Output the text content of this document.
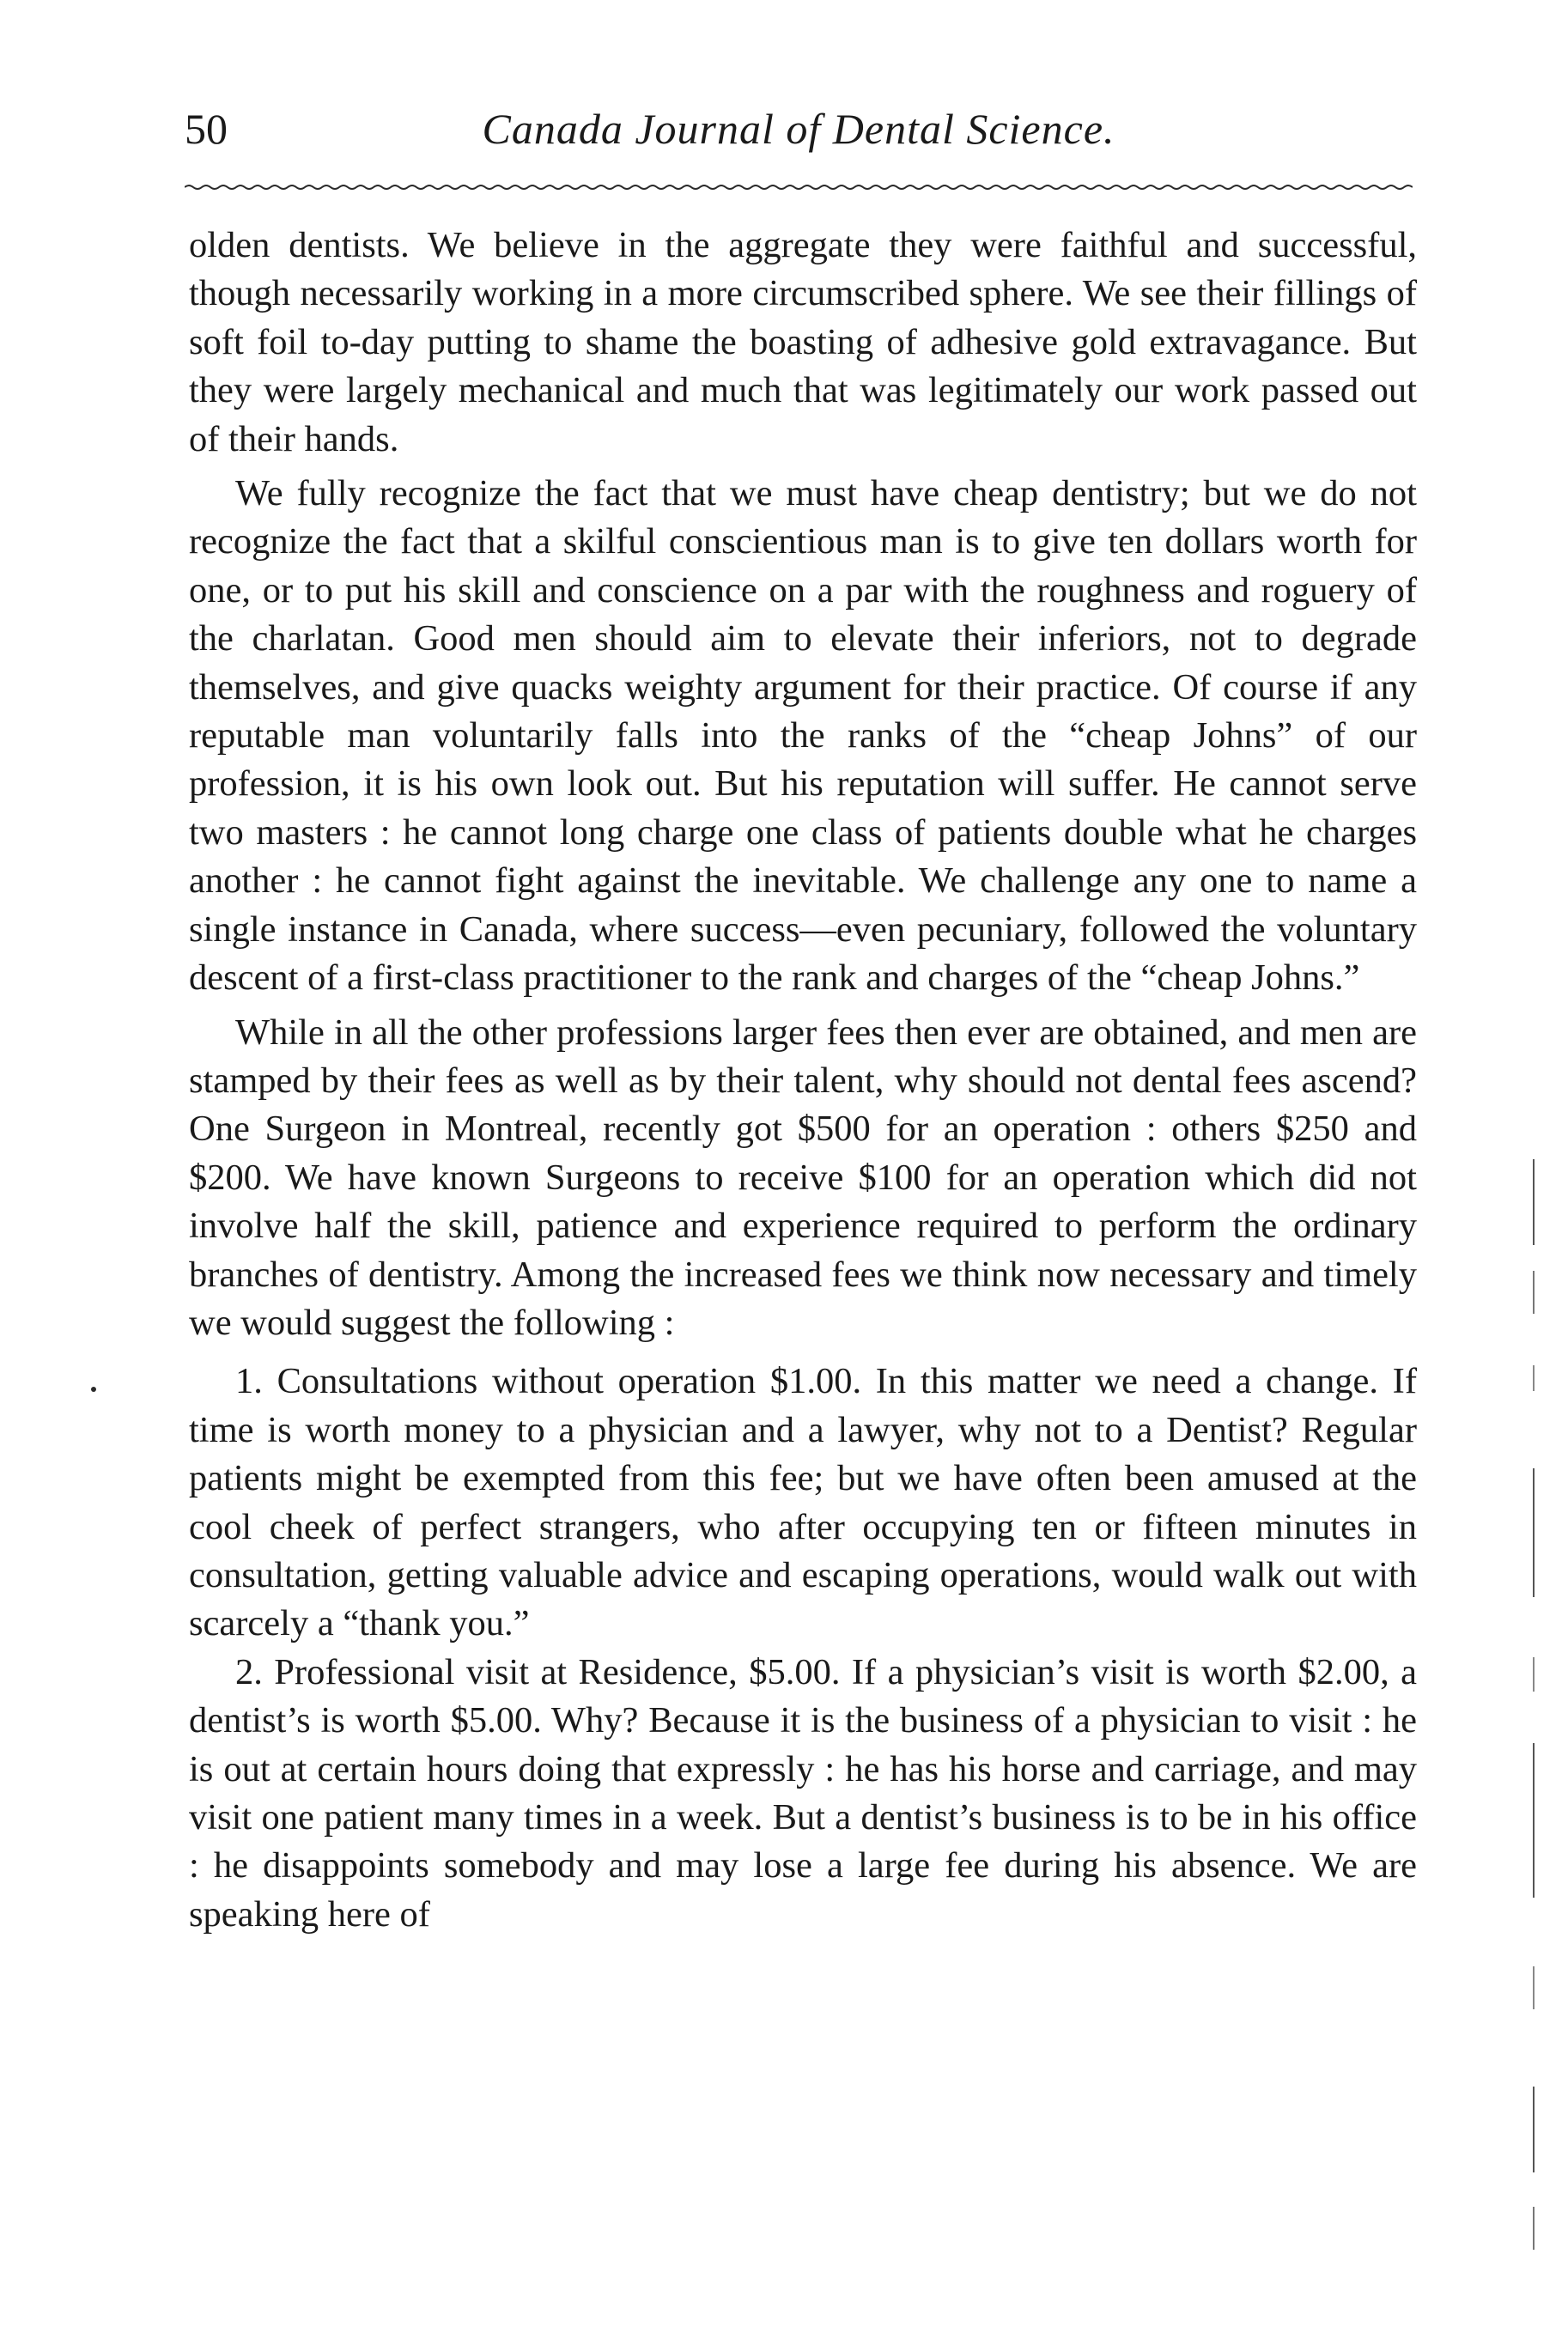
50	Canada Journal of Dental Science.

olden dentists. We believe in the aggregate they were faithful and successful, though necessarily working in a more circumscribed sphere. We see their fillings of soft foil to-day putting to shame the boasting of adhesive gold extravagance. But they were largely mechanical and much that was legitimately our work passed out of their hands.

We fully recognize the fact that we must have cheap dentistry; but we do not recognize the fact that a skilful conscientious man is to give ten dollars worth for one, or to put his skill and conscience on a par with the roughness and roguery of the charlatan. Good men should aim to elevate their inferiors, not to degrade themselves, and give quacks weighty argument for their practice. Of course if any reputable man voluntarily falls into the ranks of the “cheap Johns” of our profession, it is his own look out. But his reputation will suffer. He cannot serve two masters : he cannot long charge one class of patients double what he charges another : he cannot fight against the inevitable. We challenge any one to name a single instance in Canada, where success—even pecuniary, followed the voluntary descent of a first-class practitioner to the rank and charges of the “cheap Johns.”

While in all the other professions larger fees then ever are obtained, and men are stamped by their fees as well as by their talent, why should not dental fees ascend? One Surgeon in Montreal, recently got $500 for an operation : others $250 and $200. We have known Surgeons to receive $100 for an operation which did not involve half the skill, patience and experience required to perform the ordinary branches of dentistry. Among the increased fees we think now necessary and timely we would suggest the following :

1. Consultations without operation $1.00. In this matter we need a change. If time is worth money to a physician and a lawyer, why not to a Dentist? Regular patients might be exempted from this fee; but we have often been amused at the cool cheek of perfect strangers, who after occupying ten or fifteen minutes in consultation, getting valuable advice and escaping operations, would walk out with scarcely a “thank you.”

2. Professional visit at Residence, $5.00. If a physician’s visit is worth $2.00, a dentist’s is worth $5.00. Why? Because it is the business of a physician to visit : he is out at certain hours doing that expressly : he has his horse and carriage, and may visit one patient many times in a week. But a dentist’s business is to be in his office : he disappoints somebody and may lose a large fee during his absence. We are speaking here of
